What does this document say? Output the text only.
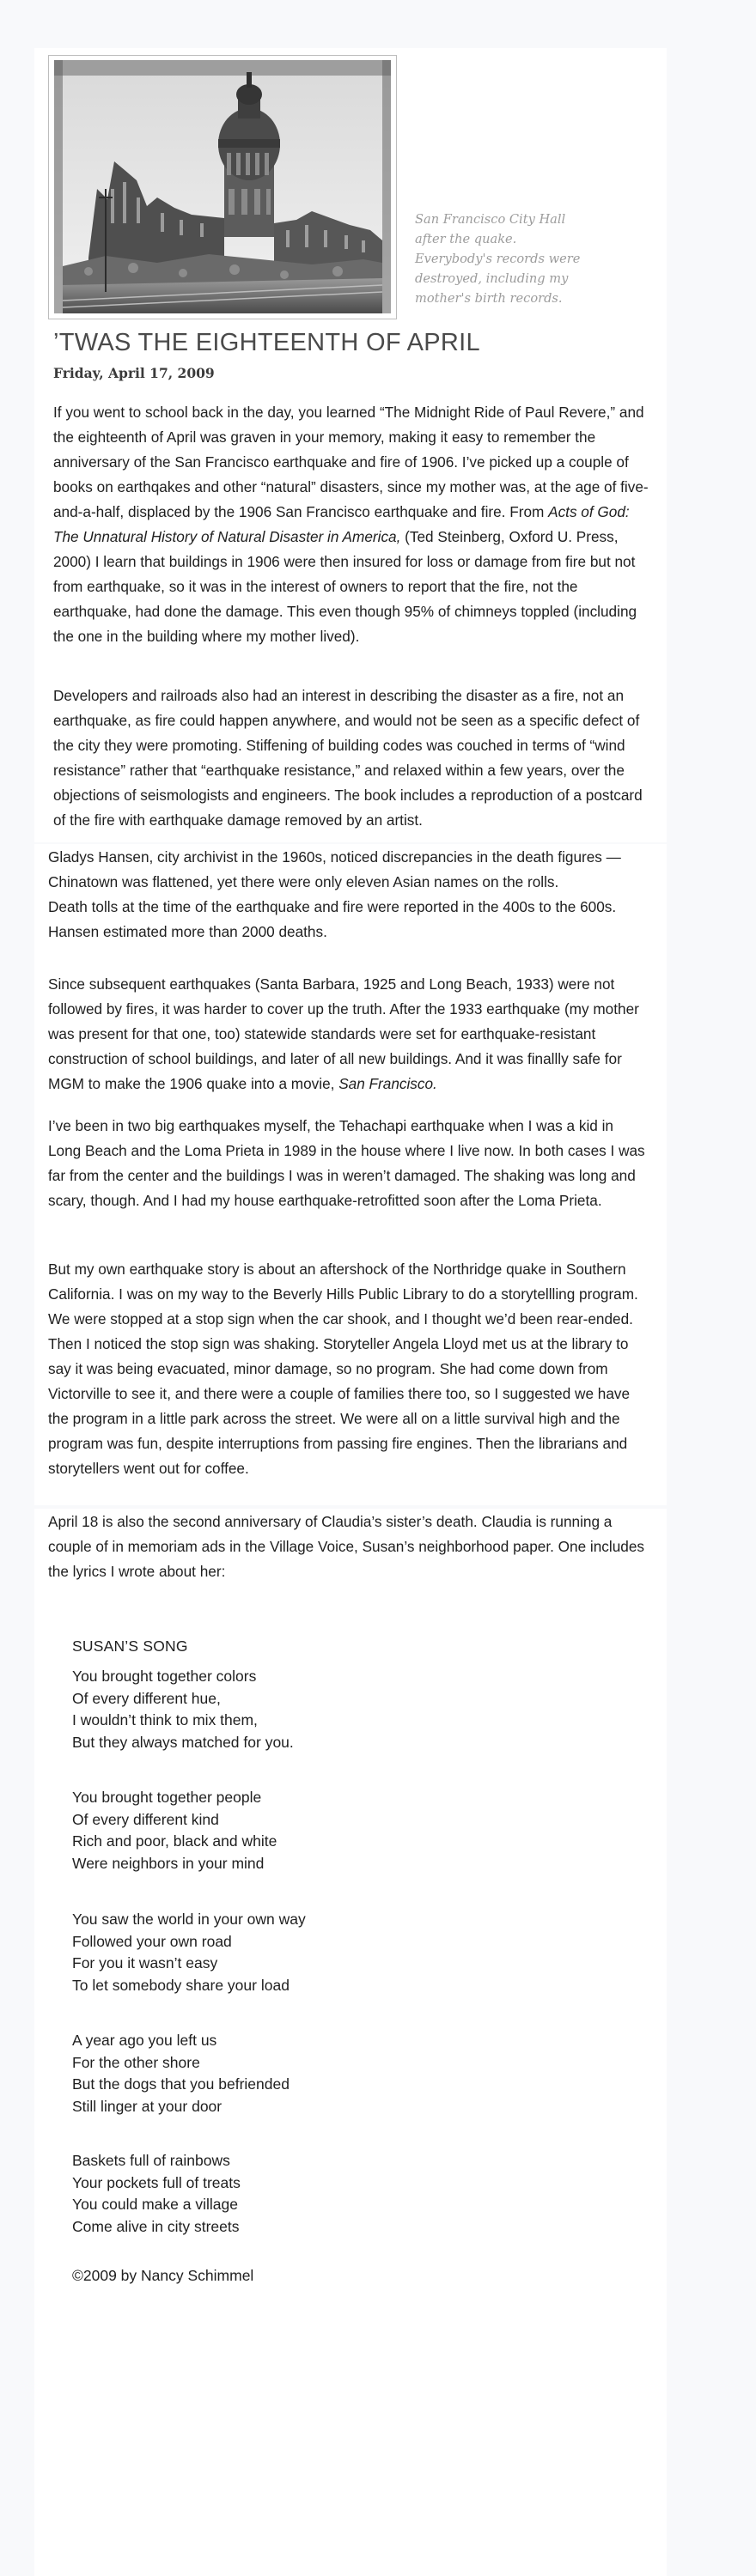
San Francisco City Hall
after the quake.
Everybody's records were
destroyed, including my
mother's birth records.
’TWAS THE EIGHTEENTH OF APRIL
Friday, April 17, 2009

If you went to school back in the day, you learned “The Midnight Ride of Paul Revere,” and the eighteenth of April was graven in your memory, making it easy to remember the anniversary of the San Francisco earthquake and fire of 1906. I’ve picked up a couple of books on earthqakes and other “natural” disasters, since my mother was, at the age of five-and-a-half, displaced by the 1906 San Francisco earthquake and fire. From Acts of God: The Unnatural History of Natural Disaster in America, (Ted Steinberg, Oxford U. Press, 2000) I learn that buildings in 1906 were then insured for loss or damage from fire but not from earthquake, so it was in the interest of owners to report that the fire, not the earthquake, had done the damage. This even though 95% of chimneys toppled (including the one in the building where my mother lived).

Developers and railroads also had an interest in describing the disaster as a fire, not an earthquake, as fire could happen anywhere, and would not be seen as a specific defect of the city they were promoting. Stiffening of building codes was couched in terms of “wind resistance” rather that “earthquake resistance,” and relaxed within a few years, over the objections of seismologists and engineers. The book includes a reproduction of a postcard of the fire with earthquake damage removed by an artist.

Gladys Hansen, city archivist in the 1960s, noticed discrepancies in the death figures —Chinatown was flattened, yet there were only eleven Asian names on the rolls.
Death tolls at the time of the earthquake and fire were reported in the 400s to the 600s. Hansen estimated more than 2000 deaths.

Since subsequent earthquakes (Santa Barbara, 1925 and Long Beach, 1933) were not followed by fires, it was harder to cover up the truth. After the 1933 earthquake (my mother was present for that one, too) statewide standards were set for earthquake-resistant construction of school buildings, and later of all new buildings. And it was finallly safe for MGM to make the 1906 quake into a movie, San Francisco.

I’ve been in two big earthquakes myself, the Tehachapi earthquake when I was a kid in Long Beach and the Loma Prieta in 1989 in the house where I live now. In both cases I was far from the center and the buildings I was in weren’t damaged. The shaking was long and scary, though. And I had my house earthquake-retrofitted soon after the Loma Prieta.

But my own earthquake story is about an aftershock of the Northridge quake in Southern California. I was on my way to the Beverly Hills Public Library to do a storytellling program. We were stopped at a stop sign when the car shook, and I thought we’d been rear-ended. Then I noticed the stop sign was shaking. Storyteller Angela Lloyd met us at the library to say it was being evacuated, minor damage, so no program. She had come down from Victorville to see it, and there were a couple of families there too, so I suggested we have the program in a little park across the street. We were all on a little survival high and the program was fun, despite interruptions from passing fire engines. Then the librarians and storytellers went out for coffee.

April 18 is also the second anniversary of Claudia’s sister’s death. Claudia is running a couple of in memoriam ads in the Village Voice, Susan’s neighborhood paper. One includes the lyrics I wrote about her:

SUSAN’S SONG
You brought together colors
Of every different hue,
I wouldn’t think to mix them,
But they always matched for you.
You brought together people
Of every different kind
Rich and poor, black and white
Were neighbors in your mind
You saw the world in your own way
Followed your own road
For you it wasn’t easy
To let somebody share your load
A year ago you left us
For the other shore
But the dogs that you befriended
Still linger at your door
Baskets full of rainbows
Your pockets full of treats
You could make a village
Come alive in city streets
©2009 by Nancy Schimmel
